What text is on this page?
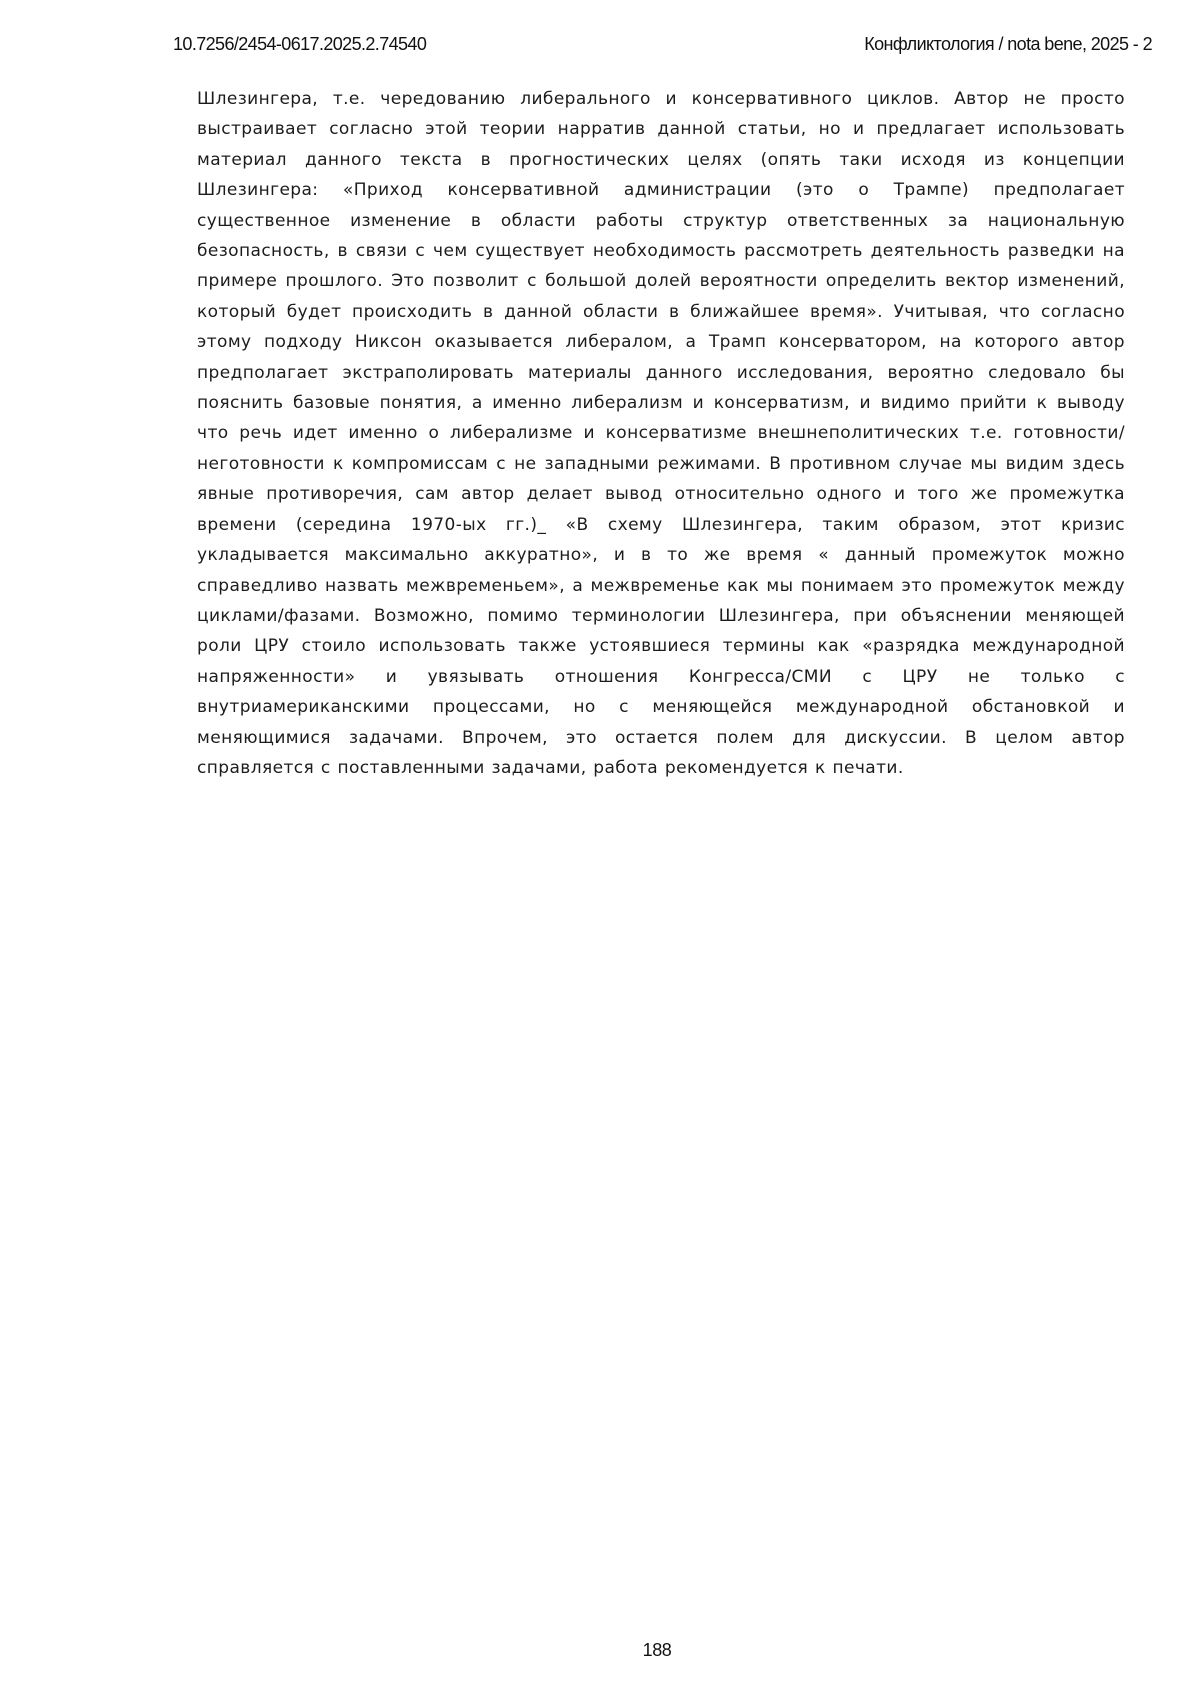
10.7256/2454-0617.2025.2.74540	Конфликтология / nota bene, 2025 - 2

Шлезингера, т.е. чередованию либерального и консервативного циклов. Автор не просто выстраивает согласно этой теории нарратив данной статьи, но и предлагает использовать материал данного текста в прогностических целях (опять таки исходя из концепции Шлезингера: «Приход консервативной администрации (это о Трампе) предполагает существенное изменение в области работы структур ответственных за национальную безопасность, в связи с чем существует необходимость рассмотреть деятельность разведки на примере прошлого. Это позволит с большой долей вероятности определить вектор изменений, который будет происходить в данной области в ближайшее время». Учитывая, что согласно этому подходу Никсон оказывается либералом, а Трамп консерватором, на которого автор предполагает экстраполировать материалы данного исследования, вероятно следовало бы пояснить базовые понятия, а именно либерализм и консерватизм, и видимо прийти к выводу что речь идет именно о либерализме и консерватизме внешнеполитических т.е. готовности/неготовности к компромиссам с не западными режимами. В противном случае мы видим здесь явные противоречия, сам автор делает вывод относительно одного и того же промежутка времени (середина 1970-ых гг.)_ «В схему Шлезингера, таким образом, этот кризис укладывается максимально аккуратно», и в то же время « данный промежуток можно справедливо назвать межвременьем», а межвременье как мы понимаем это промежуток между циклами/фазами. Возможно, помимо терминологии Шлезингера, при объяснении меняющей роли ЦРУ стоило использовать также устоявшиеся термины как «разрядка международной напряженности» и увязывать отношения Конгресса/СМИ с ЦРУ не только с внутриамериканскими процессами, но с меняющейся международной обстановкой и меняющимися задачами. Впрочем, это остается полем для дискуссии. В целом автор справляется с поставленными задачами, работа рекомендуется к печати.

188
